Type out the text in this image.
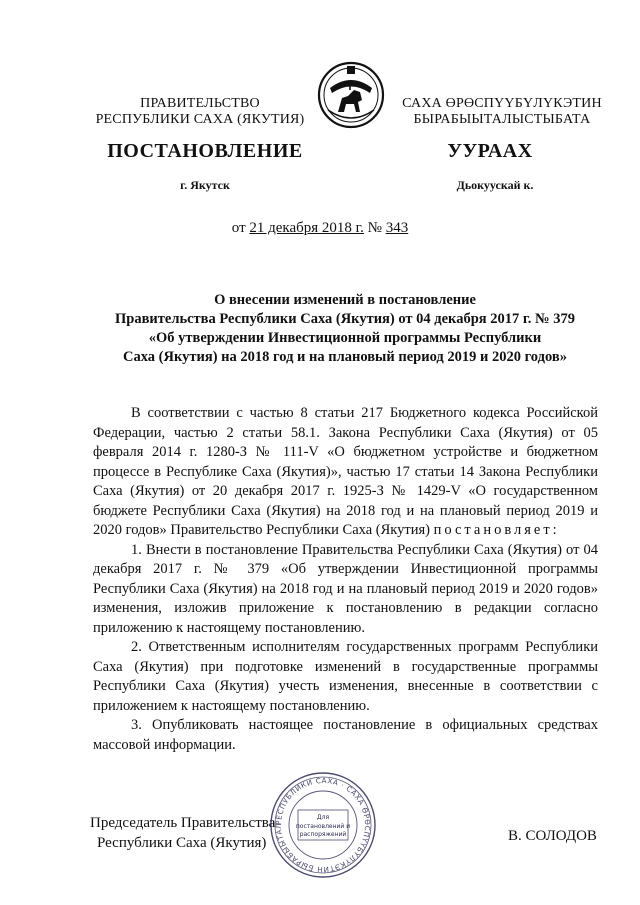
ПРАВИТЕЛЬСТВО
РЕСПУБЛИКИ САХА (ЯКУТИЯ)
САХА ӨРӨСПҮҮБҮЛҮКЭТИН
БЫРАБЫЫТАЛЫСТЫБАТА
ПОСТАНОВЛЕНИЕ	УУРААХ
г. Якутск	Дьокуускай к.
от 21 декабря 2018 г. № 343
О внесении изменений в постановление
Правительства Республики Саха (Якутия) от 04 декабря 2017 г. № 379
«Об утверждении Инвестиционной программы Республики
Саха (Якутия) на 2018 год и на плановый период 2019 и 2020 годов»

В соответствии с частью 8 статьи 217 Бюджетного кодекса Российской Федерации, частью 2 статьи 58.1. Закона Республики Саха (Якутия) от 05 февраля 2014 г. 1280-З № 111-V «О бюджетном устройстве и бюджетном процессе в Республике Саха (Якутия)», частью 17 статьи 14 Закона Республики Саха (Якутия) от 20 декабря 2017 г. 1925-З № 1429-V «О государственном бюджете Республики Саха (Якутия) на 2018 год и на плановый период 2019 и 2020 годов» Правительство Республики Саха (Якутия) постановляет:

1. Внести в постановление Правительства Республики Саха (Якутия) от 04 декабря 2017 г. № 379 «Об утверждении Инвестиционной программы Республики Саха (Якутия) на 2018 год и на плановый период 2019 и 2020 годов» изменения, изложив приложение к постановлению в редакции согласно приложению к настоящему постановлению.

2. Ответственным исполнителям государственных программ Республики Саха (Якутия) при подготовке изменений в государственные программы Республики Саха (Якутия) учесть изменения, внесенные в соответствии с приложением к настоящему постановлению.

3. Опубликовать настоящее постановление в официальных средствах массовой информации.

Председатель Правительства
Республики Саха (Якутия)
РЕСПУБЛИКИ САХА · САХА ӨРӨСПҮҮБҮЛҮКЭТИН БЫРАБЫЫТАЛ
Для
постановлений и
распоряжений	В. СОЛОДОВ
